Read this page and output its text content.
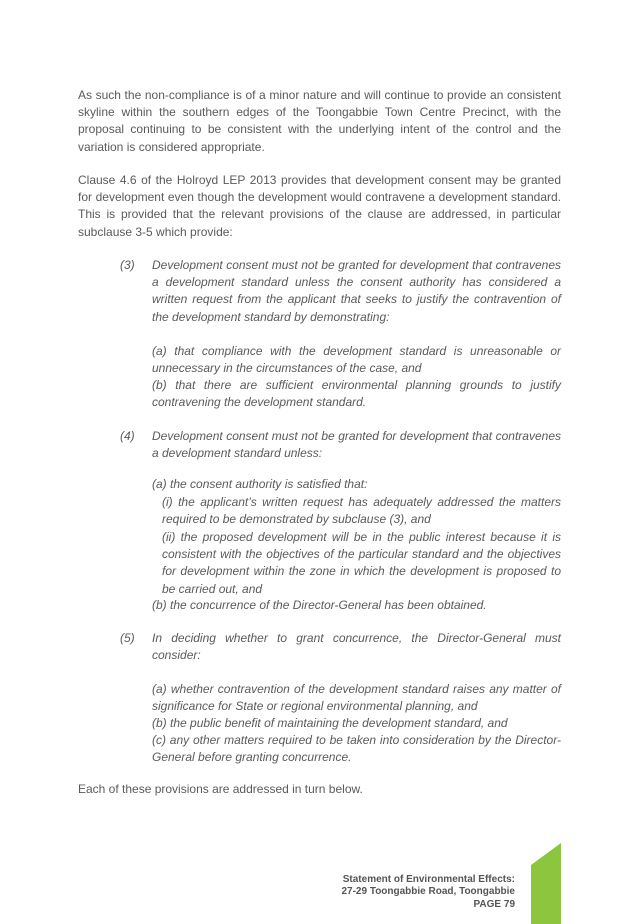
As such the non-compliance is of a minor nature and will continue to provide an consistent skyline within the southern edges of the Toongabbie Town Centre Precinct, with the proposal continuing to be consistent with the underlying intent of the control and the variation is considered appropriate.

Clause 4.6 of the Holroyd LEP 2013 provides that development consent may be granted for development even though the development would contravene a development standard. This is provided that the relevant provisions of the clause are addressed, in particular subclause 3-5 which provide:

(3) Development consent must not be granted for development that contravenes a development standard unless the consent authority has considered a written request from the applicant that seeks to justify the contravention of the development standard by demonstrating:

(a) that compliance with the development standard is unreasonable or unnecessary in the circumstances of the case, and

(b) that there are sufficient environmental planning grounds to justify contravening the development standard.

(4) Development consent must not be granted for development that contravenes a development standard unless:

(a) the consent authority is satisfied that:

(i) the applicant’s written request has adequately addressed the matters required to be demonstrated by subclause (3), and

(ii) the proposed development will be in the public interest because it is consistent with the objectives of the particular standard and the objectives for development within the zone in which the development is proposed to be carried out, and

(b) the concurrence of the Director-General has been obtained.

(5) In deciding whether to grant concurrence, the Director-General must consider:

(a) whether contravention of the development standard raises any matter of significance for State or regional environmental planning, and

(b) the public benefit of maintaining the development standard, and

(c) any other matters required to be taken into consideration by the Director-General before granting concurrence.

Each of these provisions are addressed in turn below.

Statement of Environmental Effects:
27-29 Toongabbie Road, Toongabbie
PAGE 79
